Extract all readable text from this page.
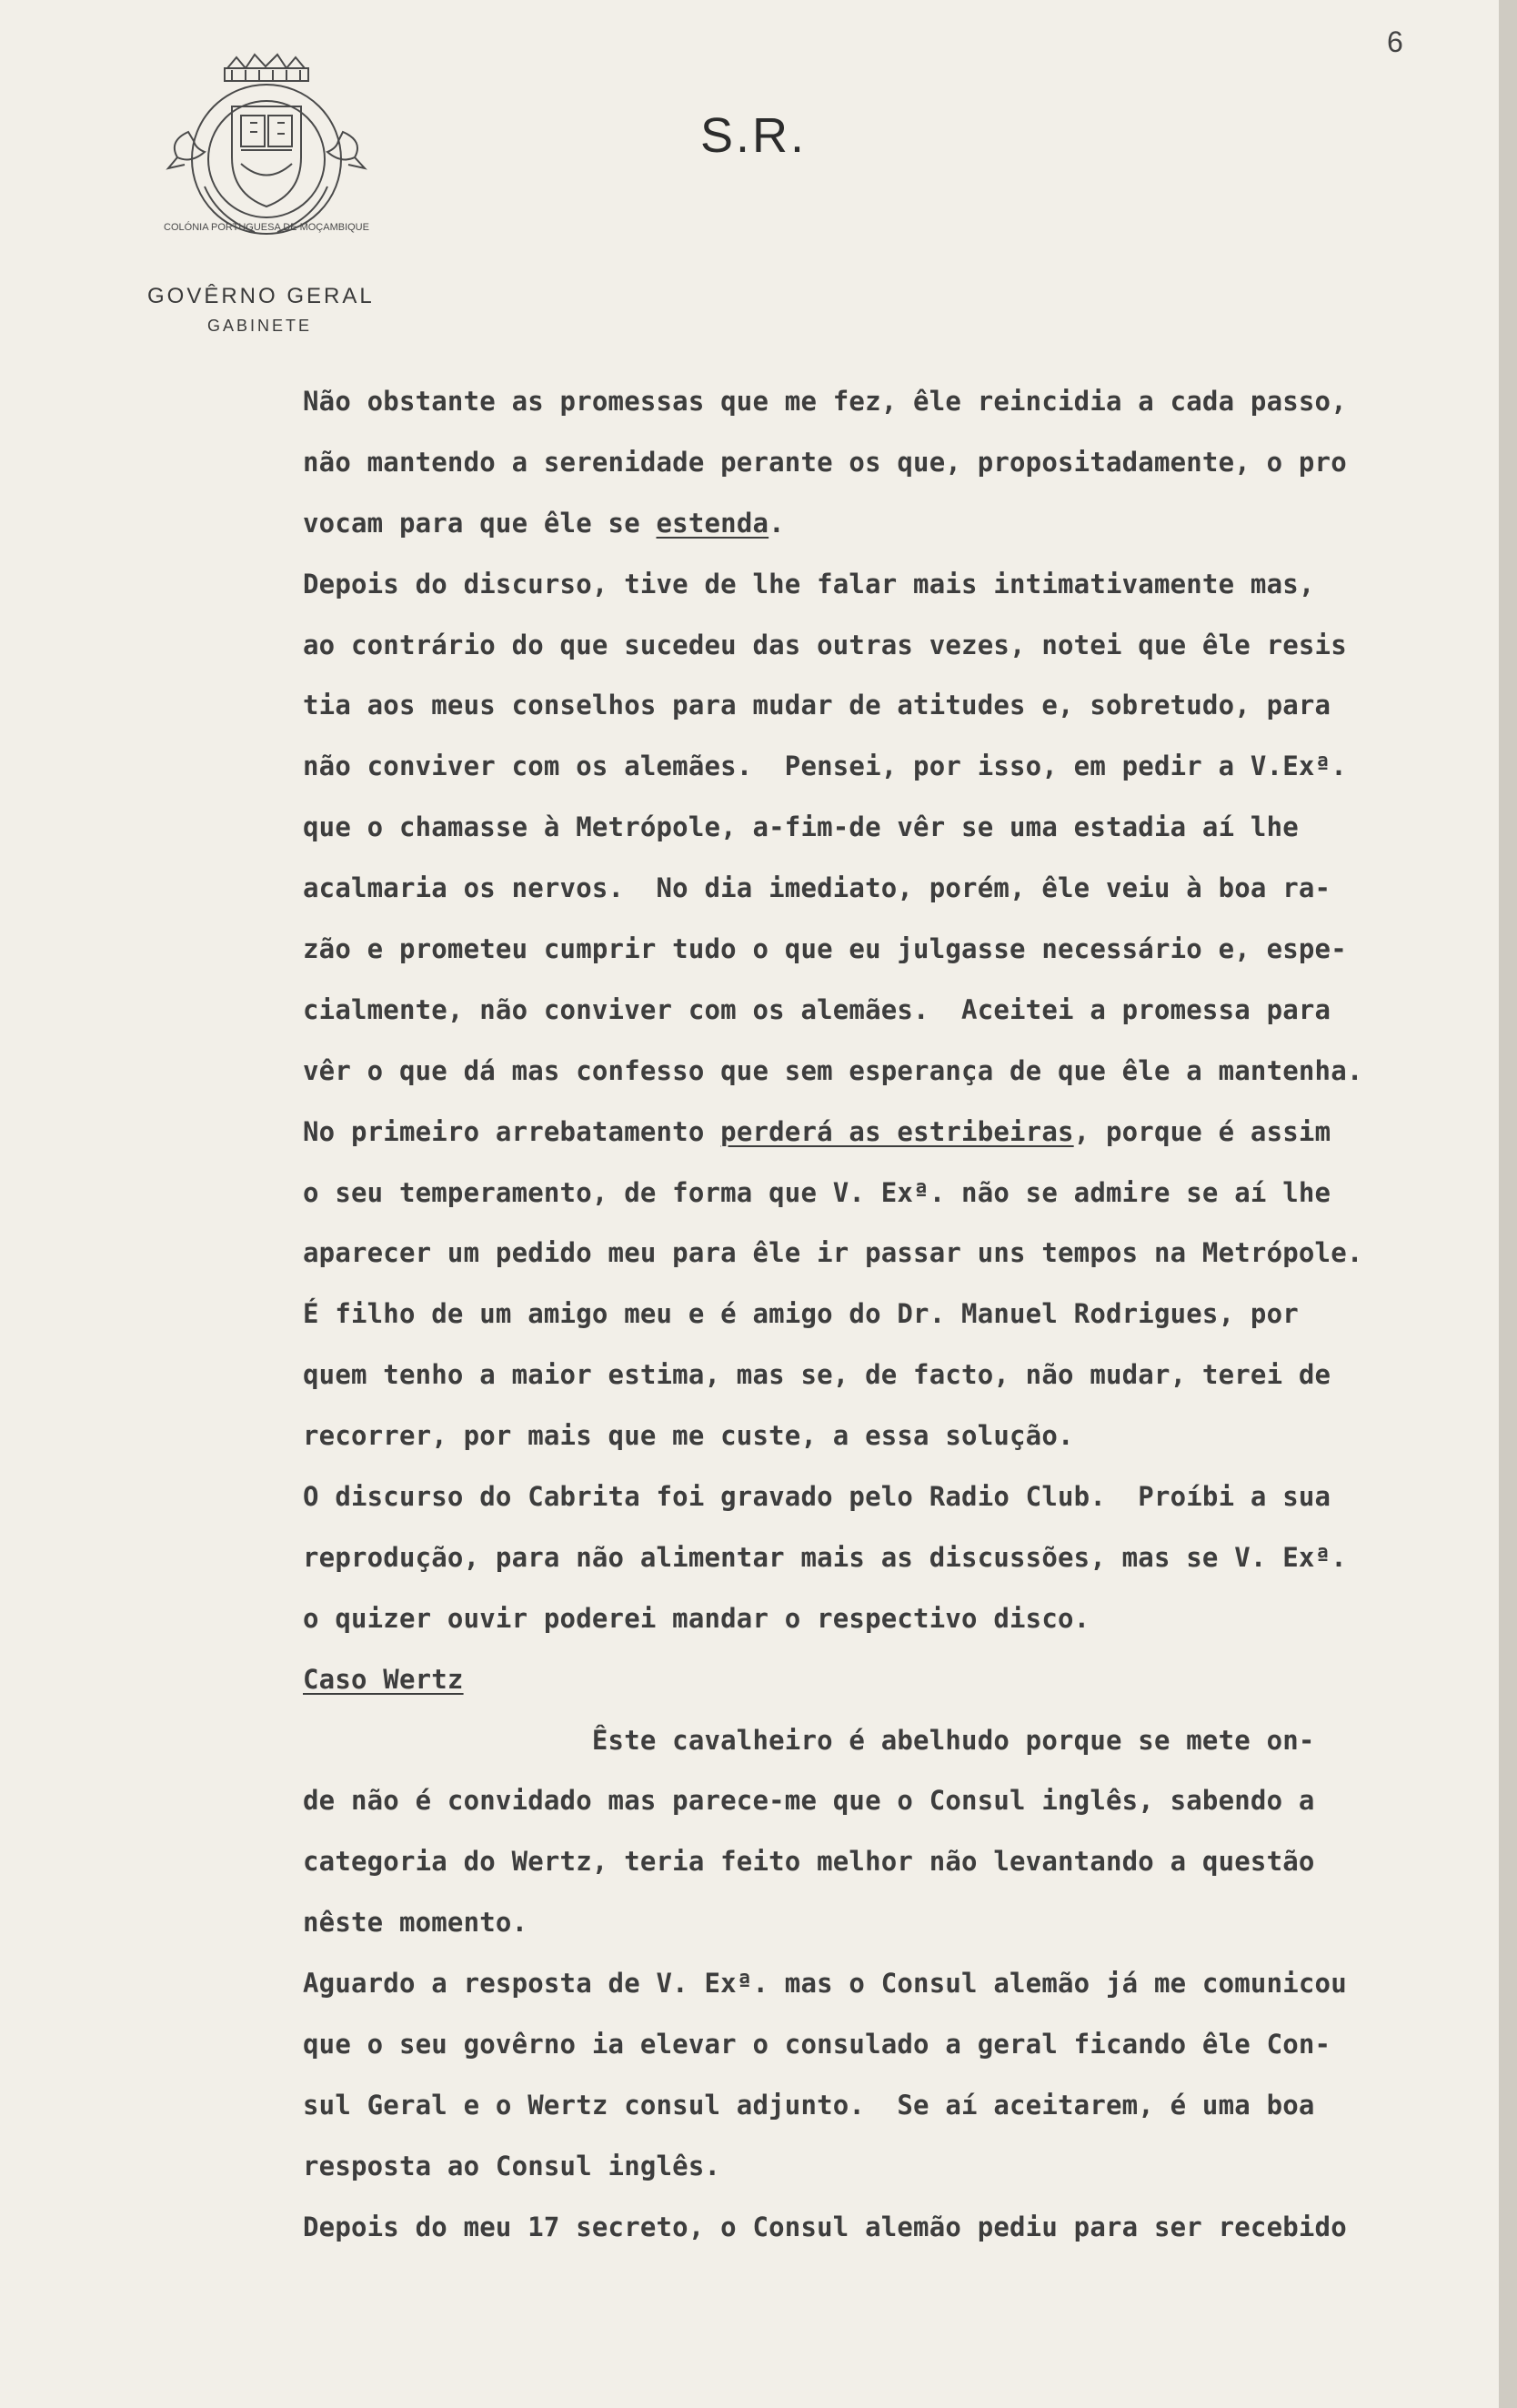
6
COLÓNIA PORTUGUESA DE MOÇAMBIQUE
S.R.
GOVÊRNO GERAL
GABINETE
Não obstante as promessas que me fez, êle reincidia a cada passo,
não mantendo a serenidade perante os que, propositadamente, o pro
vocam para que êle se estenda.
Depois do discurso, tive de lhe falar mais intimativamente mas,
ao contrário do que sucedeu das outras vezes, notei que êle resis
tia aos meus conselhos para mudar de atitudes e, sobretudo, para
não conviver com os alemães.  Pensei, por isso, em pedir a V.Exª.
que o chamasse à Metrópole, a-fim-de vêr se uma estadia aí lhe
acalmaria os nervos.  No dia imediato, porém, êle veiu à boa ra-
zão e prometeu cumprir tudo o que eu julgasse necessário e, espe-
cialmente, não conviver com os alemães.  Aceitei a promessa para
vêr o que dá mas confesso que sem esperança de que êle a mantenha.
No primeiro arrebatamento perderá as estribeiras, porque é assim
o seu temperamento, de forma que V. Exª. não se admire se aí lhe
aparecer um pedido meu para êle ir passar uns tempos na Metrópole.
É filho de um amigo meu e é amigo do Dr. Manuel Rodrigues, por
quem tenho a maior estima, mas se, de facto, não mudar, terei de
recorrer, por mais que me custe, a essa solução.
O discurso do Cabrita foi gravado pelo Radio Club.  Proíbi a sua
reprodução, para não alimentar mais as discussões, mas se V. Exª.
o quizer ouvir poderei mandar o respectivo disco.
Caso Wertz
Êste cavalheiro é abelhudo porque se mete on-
de não é convidado mas parece-me que o Consul inglês, sabendo a
categoria do Wertz, teria feito melhor não levantando a questão
nêste momento.
Aguardo a resposta de V. Exª. mas o Consul alemão já me comunicou
que o seu govêrno ia elevar o consulado a geral ficando êle Con-
sul Geral e o Wertz consul adjunto.  Se aí aceitarem, é uma boa
resposta ao Consul inglês.
Depois do meu 17 secreto, o Consul alemão pediu para ser recebido
